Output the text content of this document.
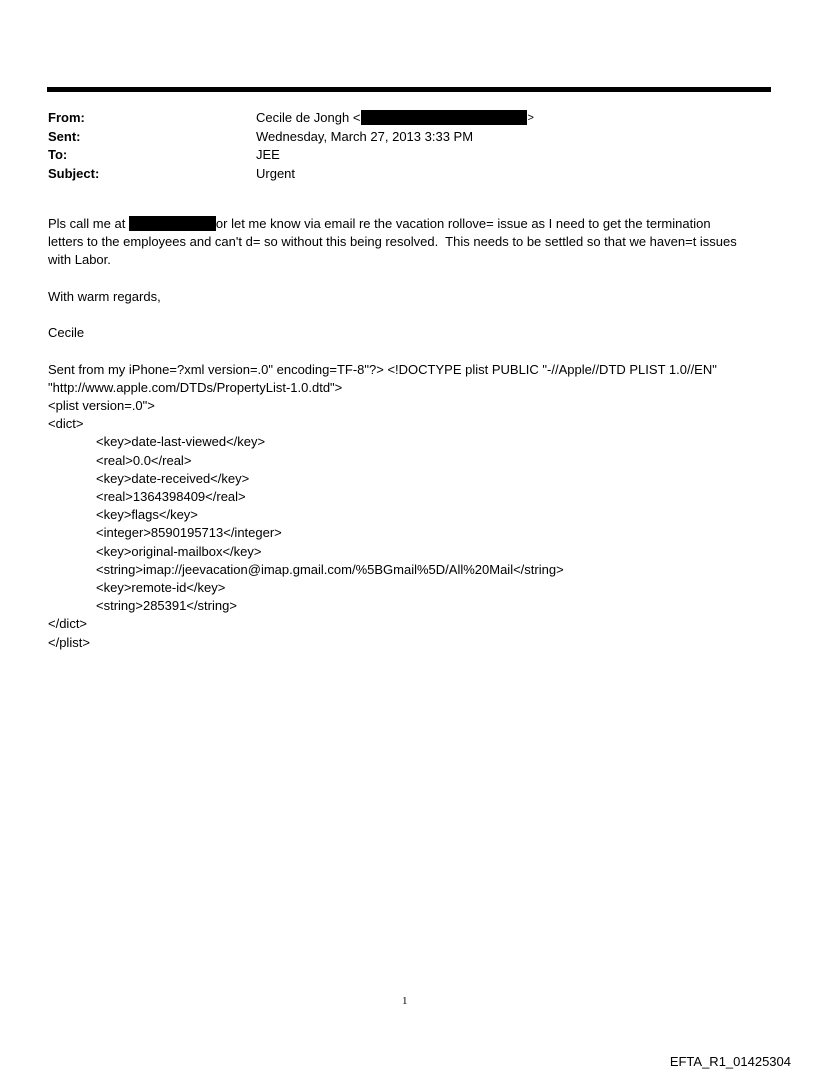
From:	Cecile de Jongh <	>
Sent:	Wednesday, March 27, 2013 3:33 PM
To:	JEE
Subject:	Urgent

Pls call me at	or let me know via email re the vacation rollove= issue as I need to get the termination

letters to the employees and can't d= so without this being resolved.  This needs to be settled so that we haven=t issues

with Labor.

With warm regards,

Cecile

Sent from my iPhone=?xml version=.0" encoding=TF-8"?> <!DOCTYPE plist PUBLIC "-//Apple//DTD PLIST 1.0//EN"

"http://www.apple.com/DTDs/PropertyList-1.0.dtd">

<plist version=.0">

<dict>

<key>date-last-viewed</key>

<real>0.0</real>

<key>date-received</key>

<real>1364398409</real>

<key>flags</key>

<integer>8590195713</integer>

<key>original-mailbox</key>

<string>imap://jeevacation@imap.gmail.com/%5BGmail%5D/All%20Mail</string>

<key>remote-id</key>

<string>285391</string>

</dict>

</plist>

1
EFTA_R1_01425304
